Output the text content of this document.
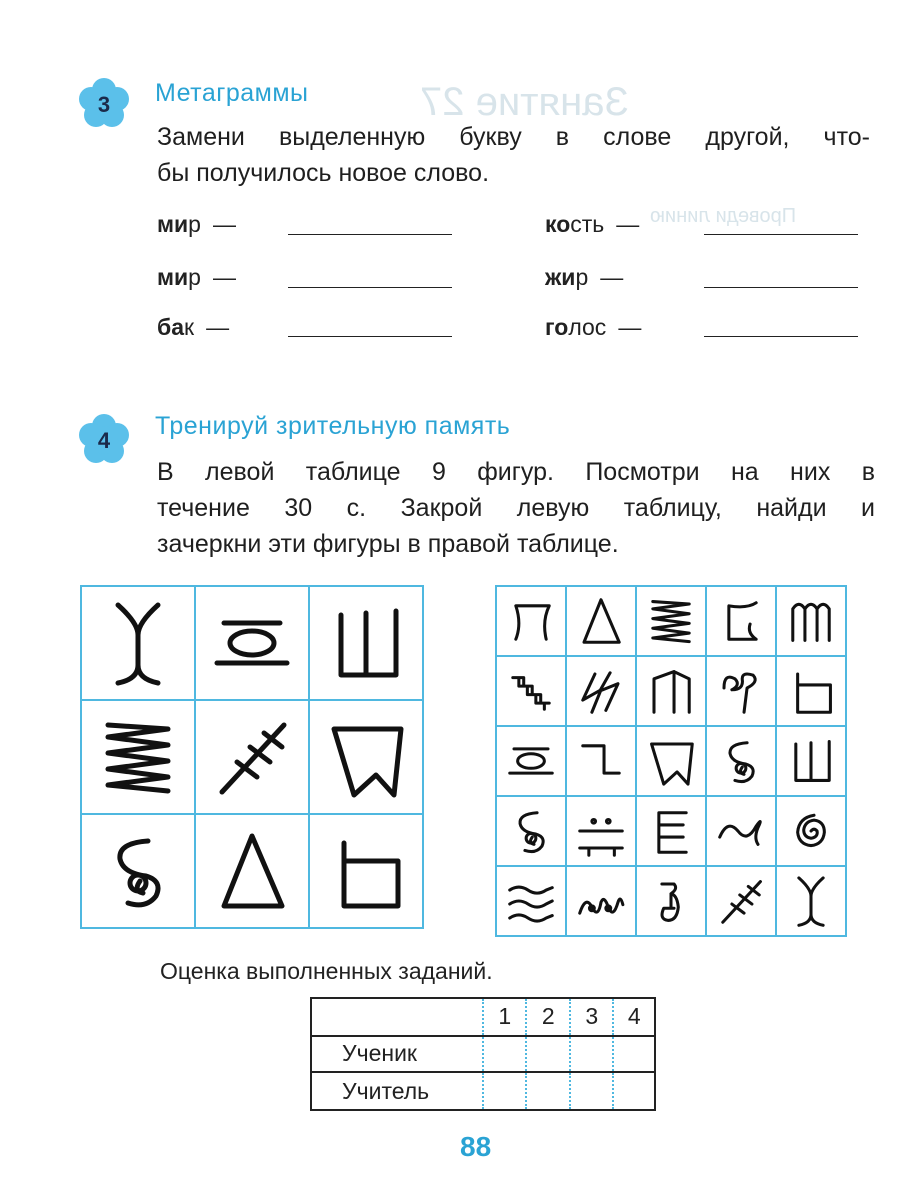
Занятие 27
Проведи линию
3 Метаграммы
Замени выделенную букву в слове другой, что-
бы получилось новое слово.
ми р —
ми р —
ба к —
ко сть —
жи р —
го лос —
4
Тренируй зрительную память
В левой таблице 9 фигур. Посмотри на них в
течение 30 с. Закрой левую таблицу, найди и
зачеркни эти фигуры в правой таблице.

Оценка выполненных заданий.
	1	2	3	4
Ученик				
Учитель				
88
